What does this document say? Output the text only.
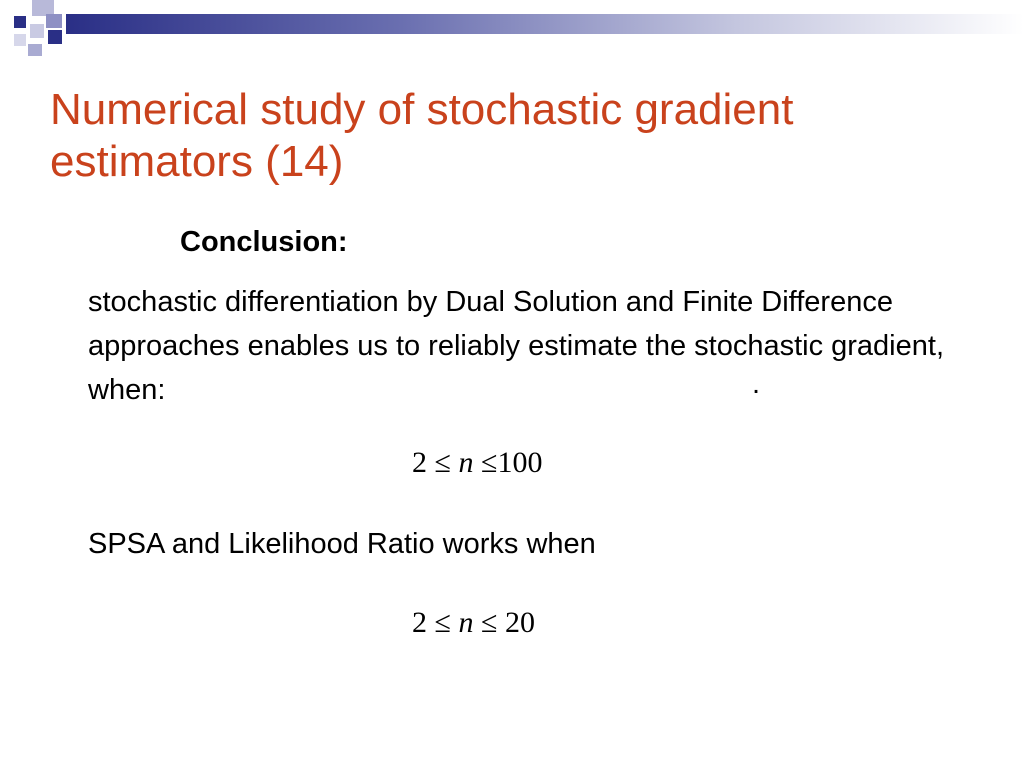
Numerical study of stochastic gradient estimators (14)
Conclusion:
stochastic differentiation by Dual Solution and Finite Difference approaches enables us to reliably estimate the stochastic gradient, when:	.
2 ≤ n ≤100
SPSA and Likelihood Ratio works when
2 ≤ n ≤ 20
